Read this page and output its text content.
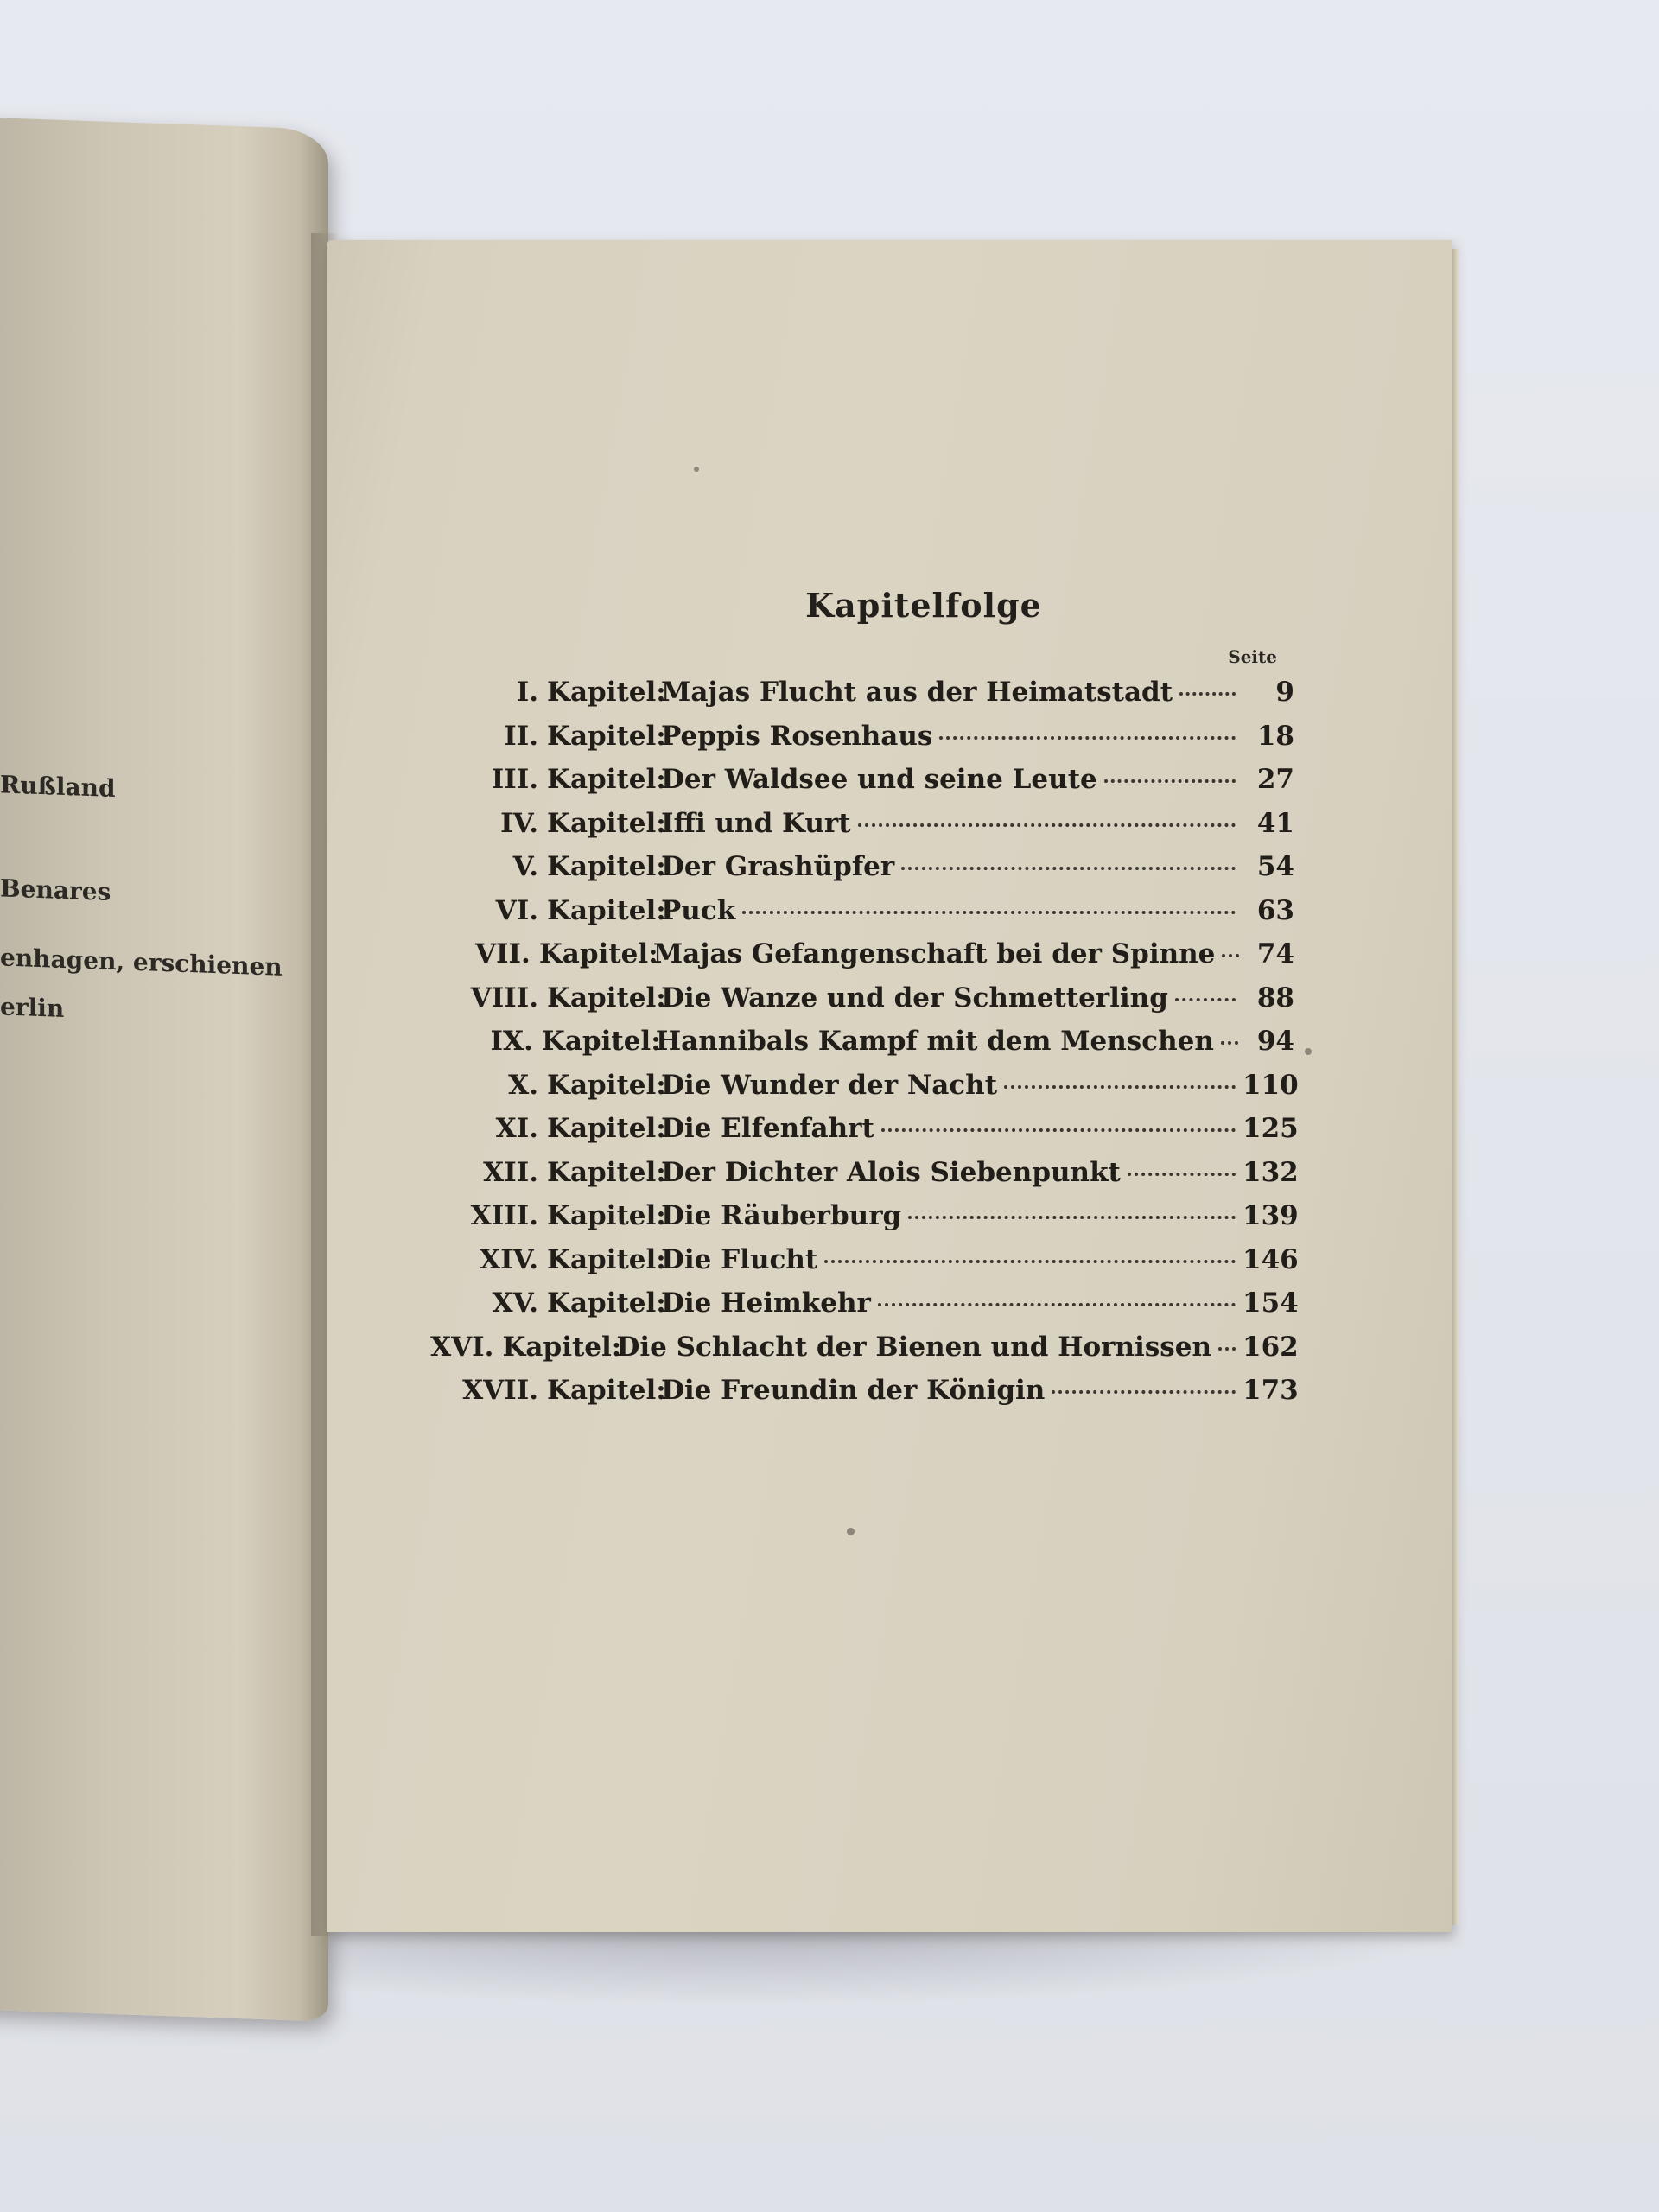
Rußland
Benares
enhagen, erschienen
erlin
Kapitelfolge
Seite
I. Kapitel:
Majas Flucht aus der Heimatstadt	9
II. Kapitel:
Peppis Rosenhaus	18
III. Kapitel:
Der Waldsee und seine Leute	27
IV. Kapitel:
Iffi und Kurt	41
V. Kapitel:
Der Grashüpfer	54
VI. Kapitel:
Puck	63
VII. Kapitel:
Majas Gefangenschaft bei der Spinne	74
VIII. Kapitel:
Die Wanze und der Schmetterling	88
IX. Kapitel:
Hannibals Kampf mit dem Menschen	94
X. Kapitel:
Die Wunder der Nacht	110
XI. Kapitel:
Die Elfenfahrt	125
XII. Kapitel:
Der Dichter Alois Siebenpunkt	132
XIII. Kapitel:
Die Räuberburg	139
XIV. Kapitel:
Die Flucht	146
XV. Kapitel:
Die Heimkehr	154
XVI. Kapitel:
Die Schlacht der Bienen und Hornissen 162
XVII. Kapitel:
Die Freundin der Königin	173
